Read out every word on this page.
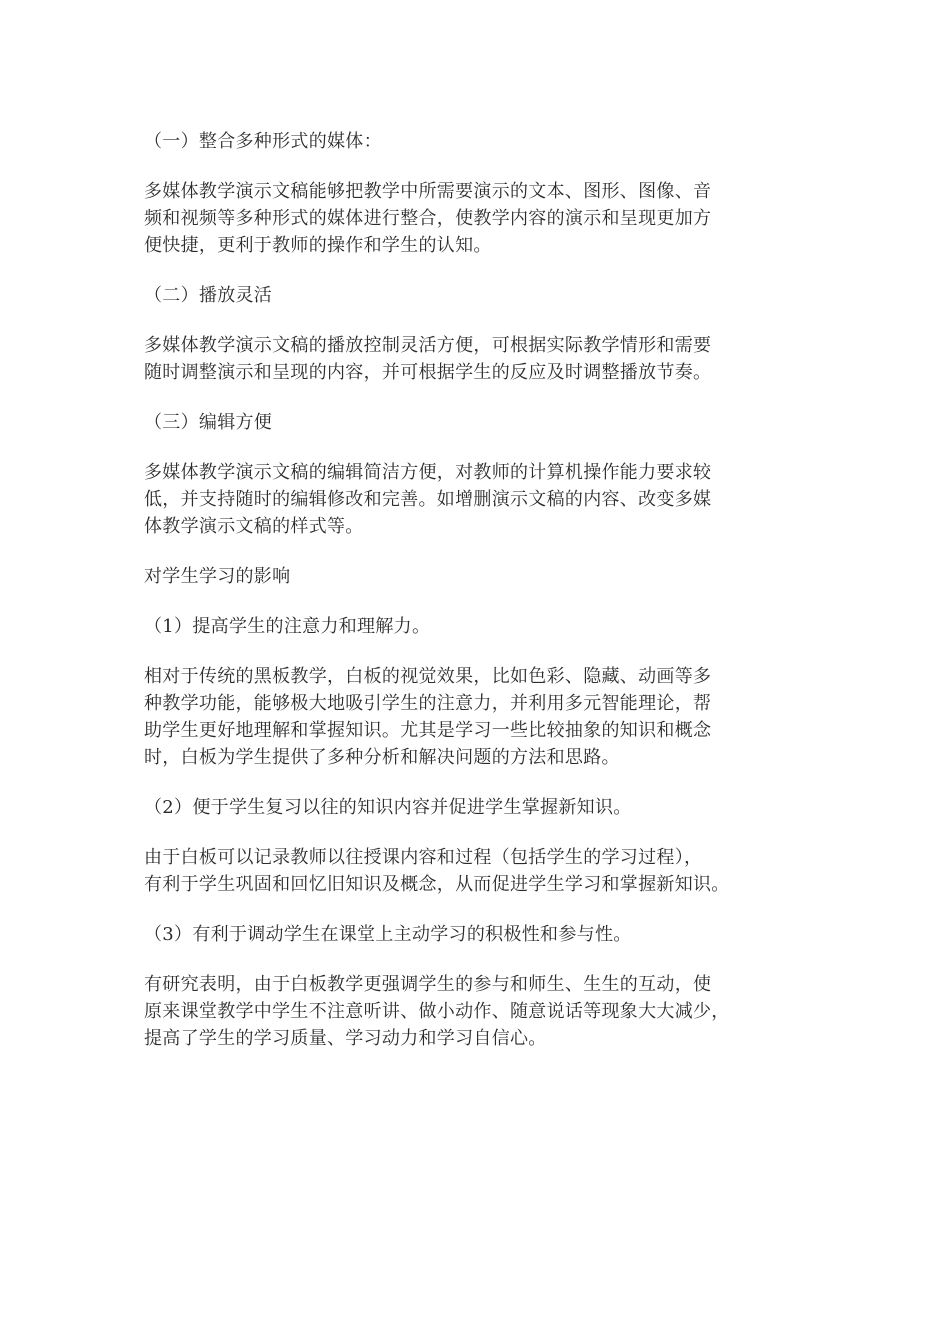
（一）整合多种形式的媒体：

多媒体教学演示文稿能够把教学中所需要演示的文本、图形、图像、音
频和视频等多种形式的媒体进行整合，使教学内容的演示和呈现更加方
便快捷，更利于教师的操作和学生的认知。

（二）播放灵活

多媒体教学演示文稿的播放控制灵活方便，可根据实际教学情形和需要
随时调整演示和呈现的内容，并可根据学生的反应及时调整播放节奏。

（三）编辑方便

多媒体教学演示文稿的编辑简洁方便，对教师的计算机操作能力要求较
低，并支持随时的编辑修改和完善。如增删演示文稿的内容、改变多媒
体教学演示文稿的样式等。

对学生学习的影响

（1）提高学生的注意力和理解力。

相对于传统的黑板教学，白板的视觉效果，比如色彩、隐藏、动画等多
种教学功能，能够极大地吸引学生的注意力，并利用多元智能理论，帮
助学生更好地理解和掌握知识。尤其是学习一些比较抽象的知识和概念
时，白板为学生提供了多种分析和解决问题的方法和思路。

（2）便于学生复习以往的知识内容并促进学生掌握新知识。

由于白板可以记录教师以往授课内容和过程（包括学生的学习过程），
有利于学生巩固和回忆旧知识及概念，从而促进学生学习和掌握新知识。

（3）有利于调动学生在课堂上主动学习的积极性和参与性。

有研究表明，由于白板教学更强调学生的参与和师生、生生的互动，使
原来课堂教学中学生不注意听讲、做小动作、随意说话等现象大大减少，
提高了学生的学习质量、学习动力和学习自信心。
